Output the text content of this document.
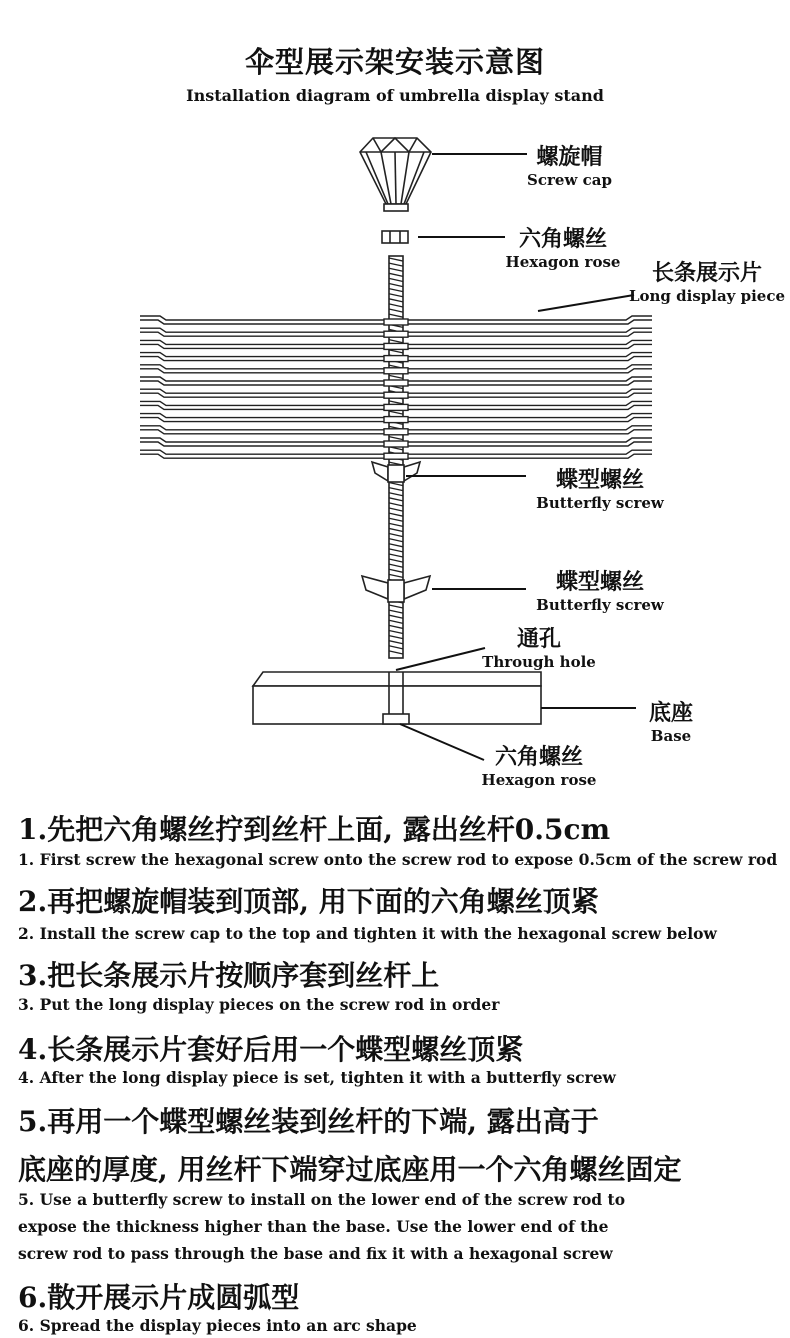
伞型展示架安装示意图
Installation diagram of umbrella display stand
螺旋帽
Screw cap
六角螺丝
Hexagon rose	长条展示片
Long display piece
蝶型螺丝
Butterfly screw
蝶型螺丝
Butterfly screw
通孔
Through hole
底座
Base
六角螺丝
Hexagon rose
1.先把六角螺丝拧到丝杆上面, 露出丝杆0.5cm
1. First screw the hexagonal screw onto the screw rod to expose 0.5cm of the screw rod
2.再把螺旋帽装到顶部, 用下面的六角螺丝顶紧
2. Install the screw cap to the top and tighten it with the hexagonal screw below
3.把长条展示片按顺序套到丝杆上
3. Put the long display pieces on the screw rod in order
4.长条展示片套好后用一个蝶型螺丝顶紧
4. After the long display piece is set, tighten it with a butterfly screw
5.再用一个蝶型螺丝装到丝杆的下端, 露出高于
底座的厚度, 用丝杆下端穿过底座用一个六角螺丝固定
5. Use a butterfly screw to install on the lower end of the screw rod to
expose the thickness higher than the base. Use the lower end of the
screw rod to pass through the base and fix it with a hexagonal screw
6.散开展示片成圆弧型
6. Spread the display pieces into an arc shape
